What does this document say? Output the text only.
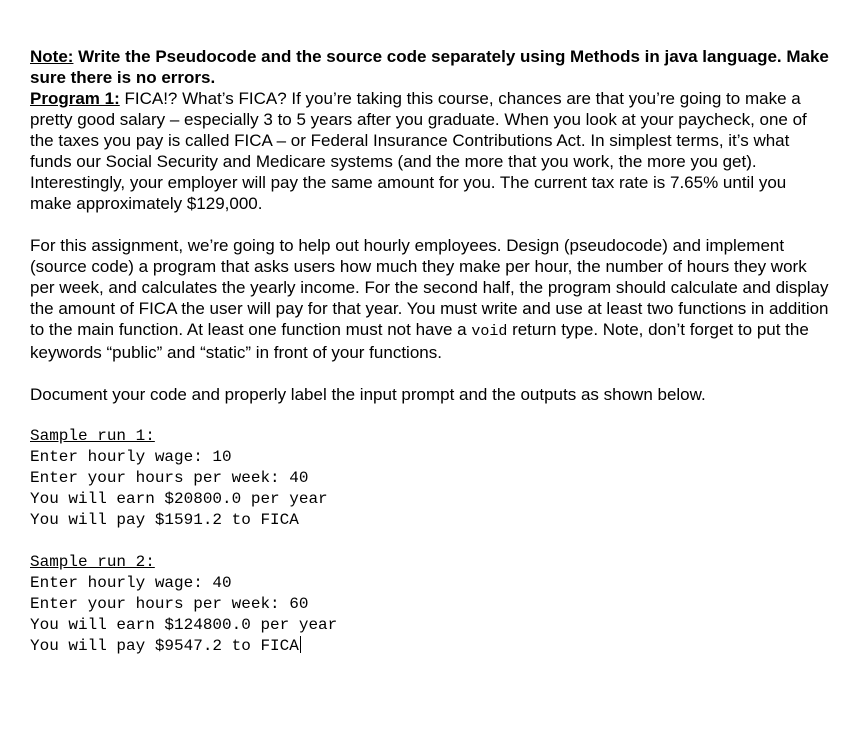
Note: Write the Pseudocode and the source code separately using Methods in java language. Make sure there is no errors.

Program 1: FICA!? What’s FICA? If you’re taking this course, chances are that you’re going to make a pretty good salary – especially 3 to 5 years after you graduate. When you look at your paycheck, one of the taxes you pay is called FICA – or Federal Insurance Contributions Act. In simplest terms, it’s what funds our Social Security and Medicare systems (and the more that you work, the more you get). Interestingly, your employer will pay the same amount for you. The current tax rate is 7.65% until you make approximately $129,000.

For this assignment, we’re going to help out hourly employees. Design (pseudocode) and implement (source code) a program that asks users how much they make per hour, the number of hours they work per week, and calculates the yearly income. For the second half, the program should calculate and display the amount of FICA the user will pay for that year. You must write and use at least two functions in addition to the main function. At least one function must not have a void return type. Note, don’t forget to put the keywords “public” and “static” in front of your functions.

Document your code and properly label the input prompt and the outputs as shown below.

Sample run 1:
Enter hourly wage: 10
Enter your hours per week: 40
You will earn $20800.0 per year
You will pay $1591.2 to FICA
Sample run 2:
Enter hourly wage: 40
Enter your hours per week: 60
You will earn $124800.0 per year
You will pay $9547.2 to FICA
